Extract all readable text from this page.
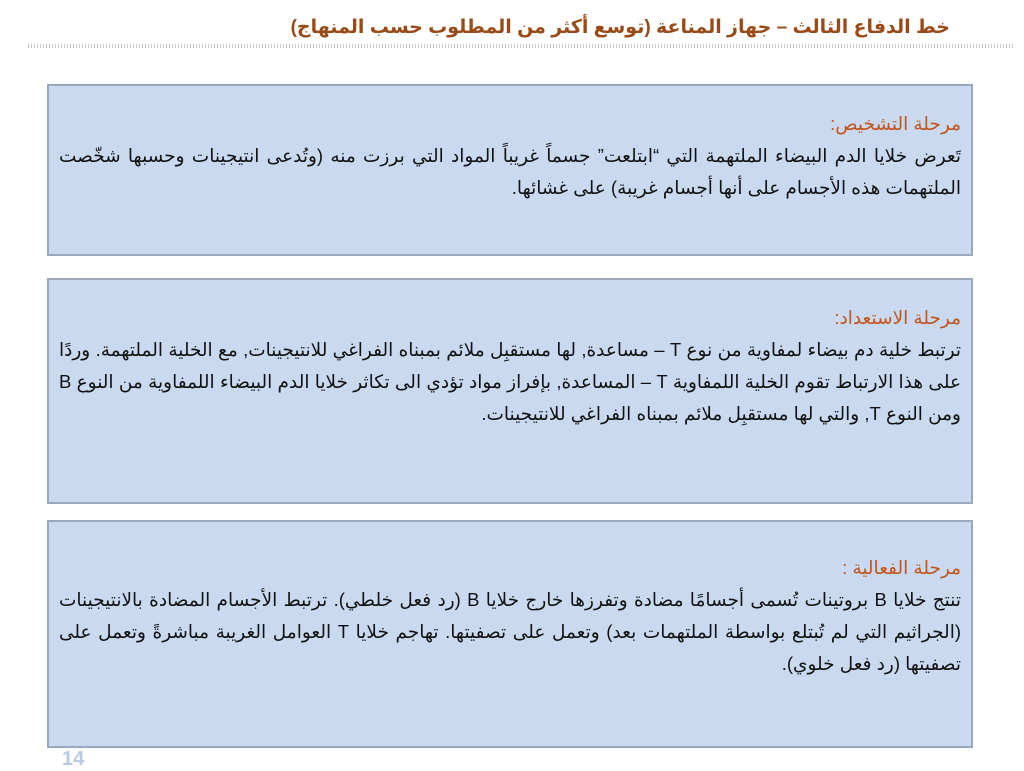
خط الدفاع الثالث – جهاز المناعة (توسع أكثر من المطلوب حسب المنهاج)
مرحلة التشخيص:
تَعرض خلايا الدم البيضاء الملتهمة التي “ابتلعت” جسماً غريباً المواد التي برزت منه (وتُدعى انتيجينات وحسبها شخّصت الملتهمات هذه الأجسام على أنها أجسام غريبة) على غشائها.
مرحلة الاستعداد:
ترتبط خلية دم بيضاء لمفاوية من نوع T – مساعدة, لها مستقبِل ملائم بمبناه الفراغي للانتيجينات, مع الخلية الملتهمة. وردًا على هذا الارتباط تقوم الخلية اللمفاوية T – المساعدة, بإفراز مواد تؤدي الى تكاثر خلايا الدم البيضاء اللمفاوية من النوع B ومن النوع T, والتي لها مستقبِل ملائم بمبناه الفراغي للانتيجينات.
مرحلة الفعالية :
تنتج خلايا B بروتينات تُسمى أجسامًا مضادة وتفرزها خارج خلايا B (رد فعل خلطي). ترتبط الأجسام المضادة بالانتيجينات (الجراثيم التي لم تُبتلع بواسطة الملتهمات بعد) وتعمل على تصفيتها. تهاجم خلايا T العوامل الغريبة مباشرةً وتعمل على تصفيتها (رد فعل خلوي).
14
